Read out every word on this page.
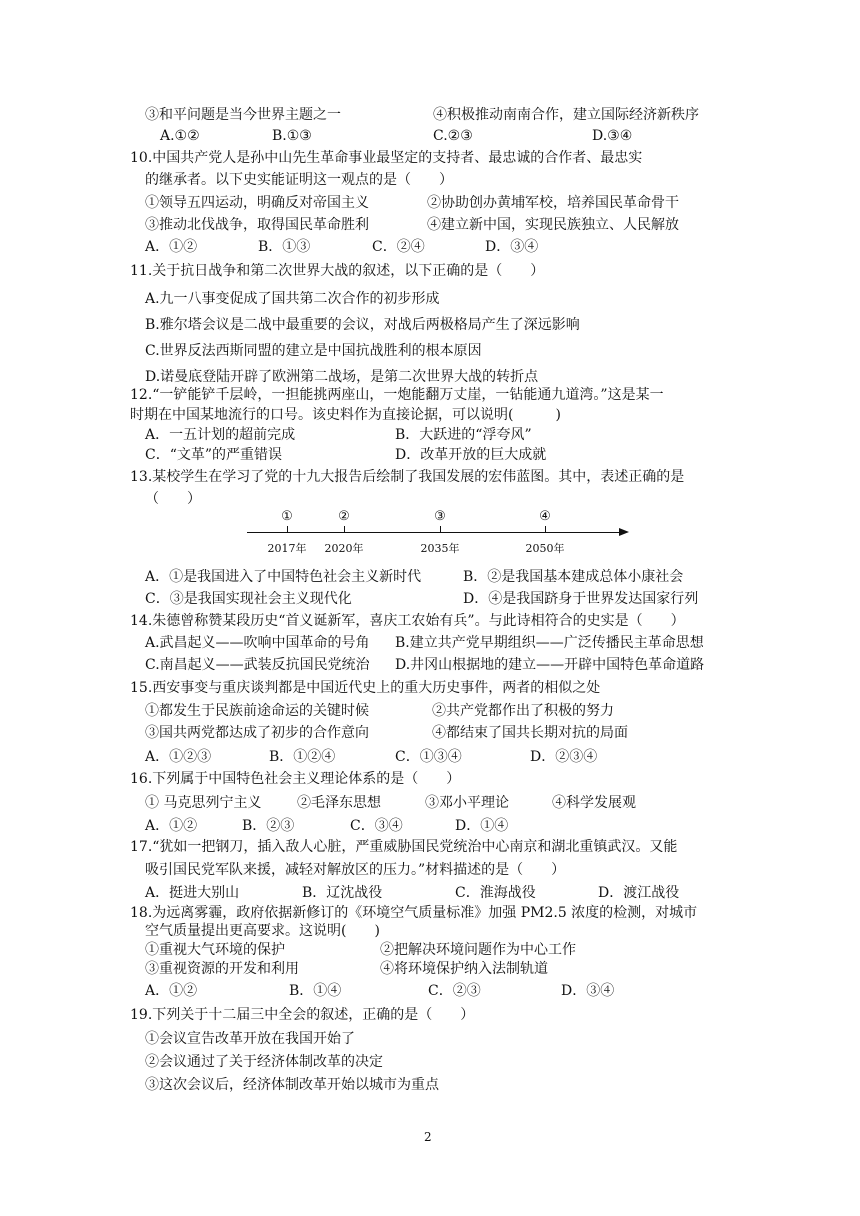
③和平问题是当今世界主题之一	④积极推动南南合作，建立国际经济新秩序
A.①②	B.①③	C.②③	D.③④
10.中国共产党人是孙中山先生革命事业最坚定的支持者、最忠诚的合作者、最忠实
的继承者。以下史实能证明这一观点的是（　　）
①领导五四运动，明确反对帝国主义	②协助创办黄埔军校，培养国民革命骨干
③推动北伐战争，取得国民革命胜利	④建立新中国，实现民族独立、人民解放
A．①②	B．①③	C．②④	D．③④
11.关于抗日战争和第二次世界大战的叙述，以下正确的是（　　）
A.九一八事变促成了国共第二次合作的初步形成
B.雅尔塔会议是二战中最重要的会议，对战后两极格局产生了深远影响
C.世界反法西斯同盟的建立是中国抗战胜利的根本原因
D.诺曼底登陆开辟了欧洲第二战场，是第二次世界大战的转折点
12.“一铲能铲千层岭，一担能挑两座山，一炮能翻万丈崖，一钻能通九道湾。”这是某一
时期在中国某地流行的口号。该史料作为直接论据，可以说明(　　　)
A．一五计划的超前完成	B．大跃进的“浮夸风”
C．“文革”的严重错误	D．改革开放的巨大成就
13.某校学生在学习了党的十九大报告后绘制了我国发展的宏伟蓝图。其中，表述正确的是
（　　）
①	②	③	④
2017年 2020年	2035年	2050年
A．①是我国进入了中国特色社会主义新时代	B．②是我国基本建成总体小康社会
C．③是我国实现社会主义现代化	D．④是我国跻身于世界发达国家行列
14.朱德曾称赞某段历史“首义诞新军，喜庆工农始有兵”。与此诗相符合的史实是（　　）
A.武昌起义——吹响中国革命的号角 B.建立共产党早期组织——广泛传播民主革命思想
C.南昌起义——武装反抗国民党统治 D.井冈山根据地的建立——开辟中国特色革命道路
15.西安事变与重庆谈判都是中国近代史上的重大历史事件，两者的相似之处
①都发生于民族前途命运的关键时候	②共产党都作出了积极的努力
③国共两党都达成了初步的合作意向	④都结束了国共长期对抗的局面
A．①②③	B．①②④	C．①③④	D．②③④
16.下列属于中国特色社会主义理论体系的是（　　）
① 马克思列宁主义	②毛泽东思想	③邓小平理论	④科学发展观
A．①②	B．②③	C．③④	D．①④
17.“犹如一把钢刀，插入敌人心脏，严重威胁国民党统治中心南京和湖北重镇武汉。又能
吸引国民党军队来援，减轻对解放区的压力。”材料描述的是（　　）
A．挺进大别山	B．辽沈战役	C．淮海战役	D．渡江战役
18.为远离雾霾，政府依据新修订的《环境空气质量标准》加强 PM2.5 浓度的检测，对城市
空气质量提出更高要求。这说明(　　)
①重视大气环境的保护	②把解决环境问题作为中心工作
③重视资源的开发和利用	④将环境保护纳入法制轨道
A．①②	B．①④	C．②③	D．③④
19.下列关于十二届三中全会的叙述，正确的是（　　）
①会议宣告改革开放在我国开始了
②会议通过了关于经济体制改革的决定
③这次会议后，经济体制改革开始以城市为重点
2
